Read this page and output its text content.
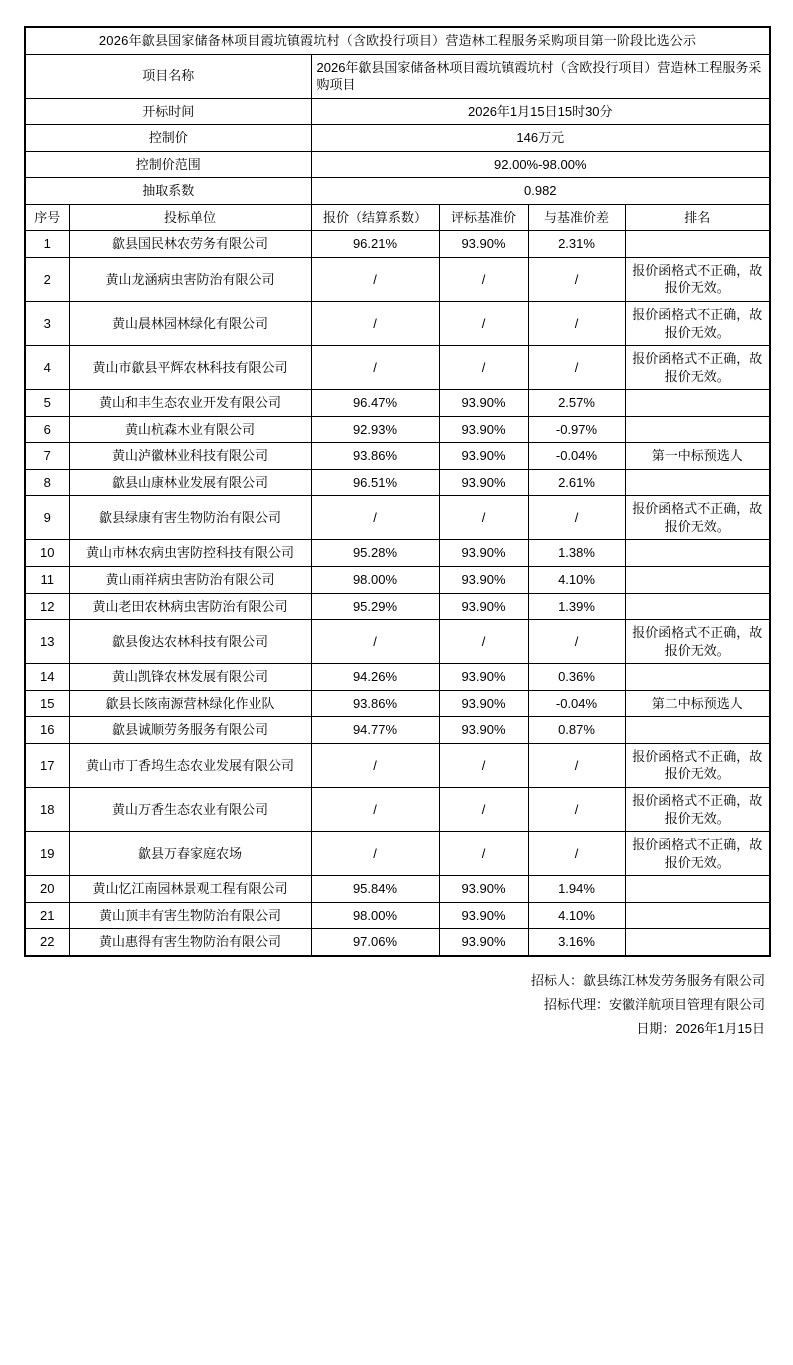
2026年歙县国家储备林项目霞坑镇霞坑村（含欧投行项目）营造林工程服务采购项目第一阶段比选公示					
项目名称		2026年歙县国家储备林项目霞坑镇霞坑村（含欧投行项目）营造林工程服务采购项目			
开标时间		2026年1月15日15时30分			
控制价		146万元			
控制价范围		92.00%-98.00%			
抽取系数		0.982			
序号	投标单位	报价（结算系数）	评标基准价	与基准价差	排名
1	歙县国民林农劳务有限公司	96.21%	93.90%	2.31%	
2	黄山龙涵病虫害防治有限公司	/	/	/	报价函格式不正确，故报价无效。
3	黄山晨林园林绿化有限公司	/	/	/	报价函格式不正确，故报价无效。
4	黄山市歙县平辉农林科技有限公司	/	/	/	报价函格式不正确，故报价无效。
5	黄山和丰生态农业开发有限公司	96.47%	93.90%	2.57%	
6	黄山杭森木业有限公司	92.93%	93.90%	-0.97%	
7	黄山泸徽林业科技有限公司	93.86%	93.90%	-0.04%	第一中标预选人
8	歙县山康林业发展有限公司	96.51%	93.90%	2.61%	
9	歙县绿康有害生物防治有限公司	/	/	/	报价函格式不正确，故报价无效。
10	黄山市林农病虫害防控科技有限公司	95.28%	93.90%	1.38%	
11	黄山雨祥病虫害防治有限公司	98.00%	93.90%	4.10%	
12	黄山老田农林病虫害防治有限公司	95.29%	93.90%	1.39%	
13	歙县俊达农林科技有限公司	/	/	/	报价函格式不正确，故报价无效。
14	黄山凯锋农林发展有限公司	94.26%	93.90%	0.36%	
15	歙县长陔南源营林绿化作业队	93.86%	93.90%	-0.04%	第二中标预选人
16	歙县诚顺劳务服务有限公司	94.77%	93.90%	0.87%	
17	黄山市丁香坞生态农业发展有限公司	/	/	/	报价函格式不正确，故报价无效。
18	黄山万香生态农业有限公司	/	/	/	报价函格式不正确，故报价无效。
19	歙县万春家庭农场	/	/	/	报价函格式不正确，故报价无效。
20	黄山忆江南园林景观工程有限公司	95.84%	93.90%	1.94%	
21	黄山顶丰有害生物防治有限公司	98.00%	93.90%	4.10%	
22	黄山惠得有害生物防治有限公司	97.06%	93.90%	3.16%	
招标人：歙县练江林发劳务服务有限公司
招标代理：安徽洋航项目管理有限公司
日期：2026年1月15日
